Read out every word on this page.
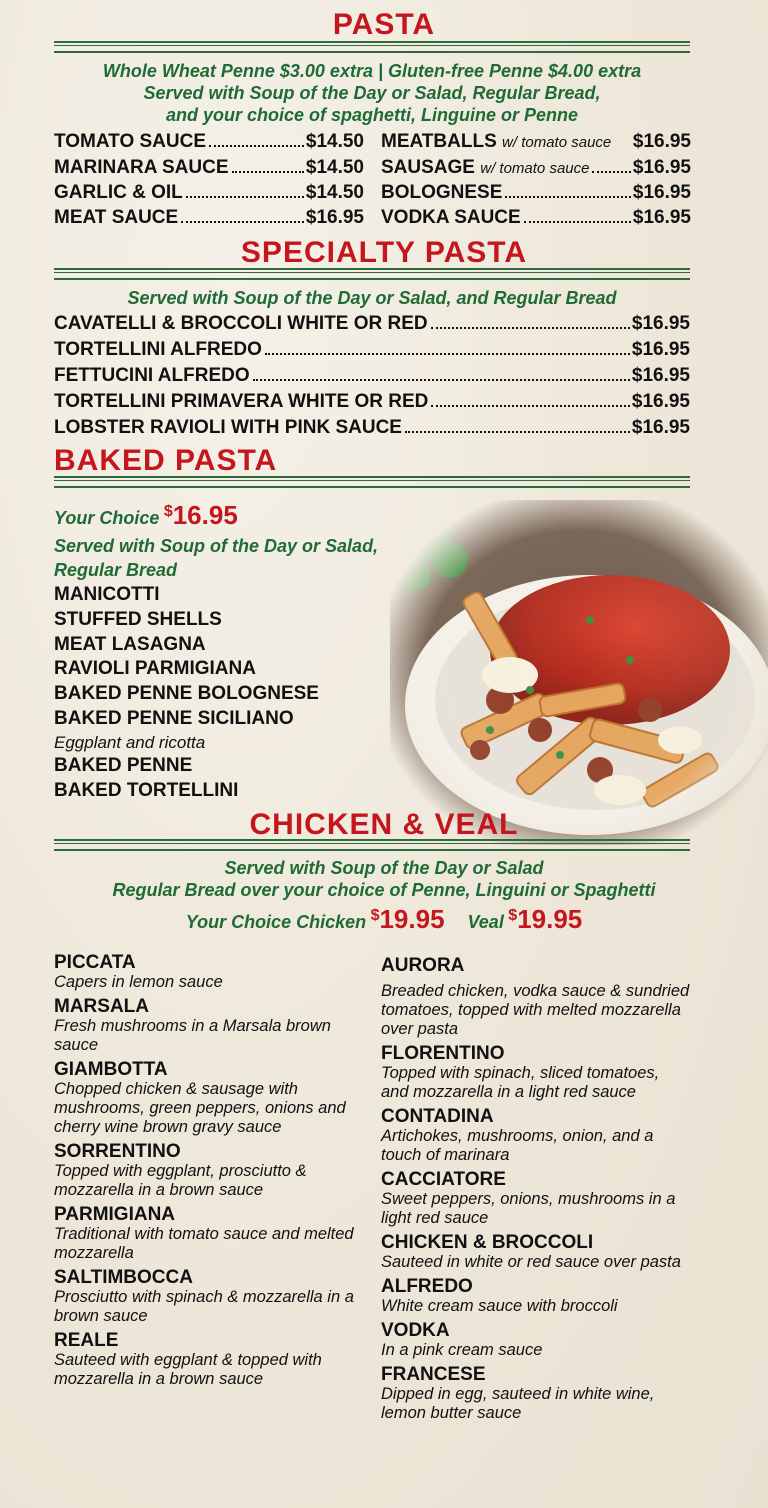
PASTA
Whole Wheat Penne $3.00 extra | Gluten-free Penne $4.00 extra
Served with Soup of the Day or Salad, Regular Bread,
and your choice of spaghetti, Linguine or Penne
TOMATO SAUCE	$14.50
MARINARA SAUCE	$14.50
GARLIC & OIL	$14.50
MEAT SAUCE	$16.95
MEATBALLS w/ tomato sauce $16.95
SAUSAGE w/ tomato sauce $16.95
BOLOGNESE	$16.95
VODKA SAUCE	$16.95
SPECIALTY PASTA
Served with Soup of the Day or Salad, and Regular Bread
CAVATELLI & BROCCOLI WHITE OR RED	$16.95
TORTELLINI ALFREDO	$16.95
FETTUCINI ALFREDO	$16.95
TORTELLINI PRIMAVERA WHITE OR RED	$16.95
LOBSTER RAVIOLI WITH PINK SAUCE	$16.95
BAKED PASTA
Your Choice $16.95
Served with Soup of the Day or Salad,
Regular Bread
MANICOTTI
STUFFED SHELLS
MEAT LASAGNA
RAVIOLI PARMIGIANA
BAKED PENNE BOLOGNESE
BAKED PENNE SICILIANO
Eggplant and ricotta
BAKED PENNE
BAKED TORTELLINI
CHICKEN & VEAL
Served with Soup of the Day or Salad
Regular Bread over your choice of Penne, Linguini or Spaghetti
Your Choice Chicken $19.95 Veal $19.95

PICCATA

Capers in lemon sauce

MARSALA

Fresh mushrooms in a Marsala brown sauce

GIAMBOTTA

Chopped chicken & sausage with mushrooms, green peppers, onions and cherry wine brown gravy sauce

SORRENTINO

Topped with eggplant, prosciutto & mozzarella in a brown sauce

PARMIGIANA

Traditional with tomato sauce and melted mozzarella

SALTIMBOCCA

Prosciutto with spinach & mozzarella in a brown sauce

REALE

Sauteed with eggplant & topped with mozzarella in a brown sauce

AURORA

Breaded chicken, vodka sauce & sundried tomatoes, topped with melted mozzarella over pasta

FLORENTINO

Topped with spinach, sliced tomatoes, and mozzarella in a light red sauce

CONTADINA

Artichokes, mushrooms, onion, and a touch of marinara

CACCIATORE

Sweet peppers, onions, mushrooms in a light red sauce

CHICKEN & BROCCOLI

Sauteed in white or red sauce over pasta

ALFREDO

White cream sauce with broccoli

VODKA

In a pink cream sauce

FRANCESE

Dipped in egg, sauteed in white wine, lemon butter sauce
